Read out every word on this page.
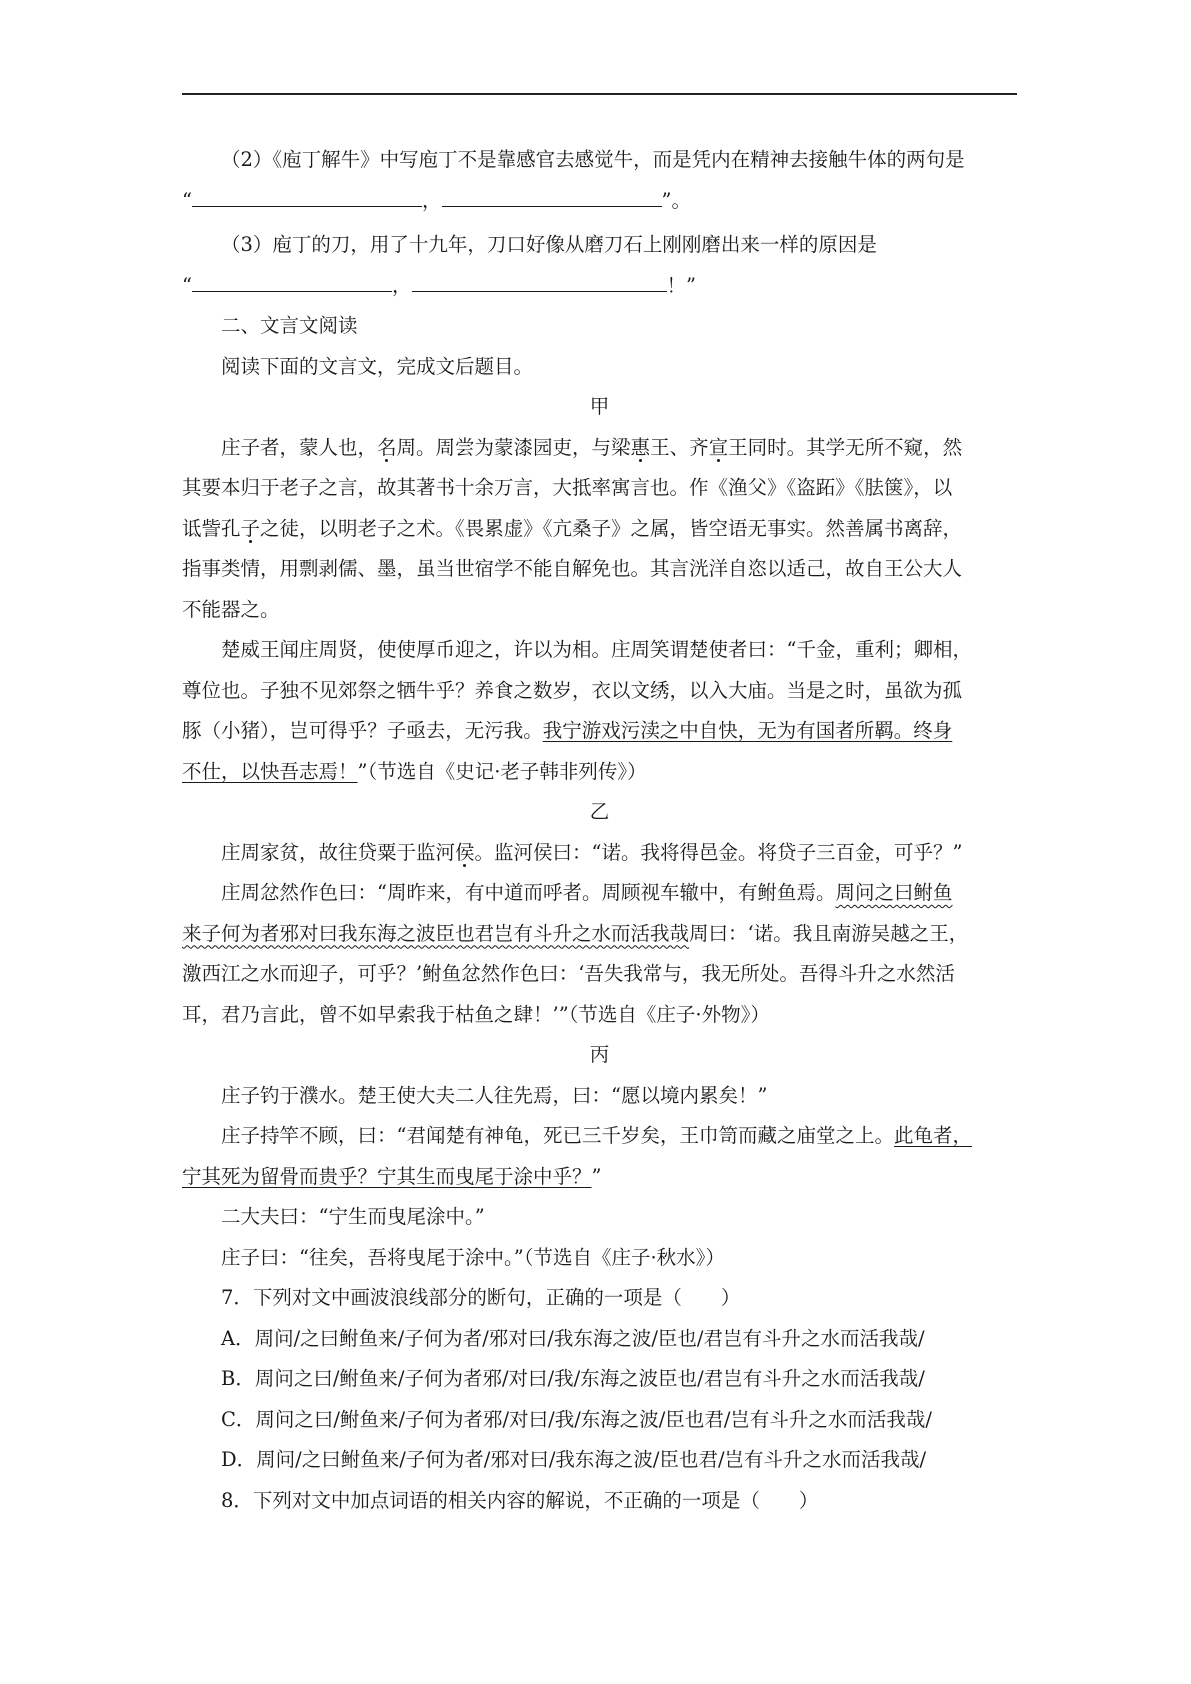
（2）《庖丁解牛》中写庖丁不是靠感官去感觉牛，而是凭内在精神去接触牛体的两句是
“	，	”。
（3）庖丁的刀，用了十九年，刀口好像从磨刀石上刚刚磨出来一样的原因是
“	，	！”
二、文言文阅读
阅读下面的文言文，完成文后题目。
甲
庄子者，蒙人也，名周。周尝为蒙漆园吏，与梁惠王、齐宣王同时。其学无所不窥，然
其要本归于老子之言，故其著书十余万言，大抵率寓言也。作《渔父》《盗跖》《胠箧》，以
诋訾孔子之徒，以明老子之术。《畏累虚》《亢桑子》之属，皆空语无事实。然善属书离辞，
指事类情，用剽剥儒、墨，虽当世宿学不能自解免也。其言洸洋自恣以适己，故自王公大人
不能器之。
楚威王闻庄周贤，使使厚币迎之，许以为相。庄周笑谓楚使者曰：“千金，重利；卿相，
尊位也。子独不见郊祭之牺牛乎？养食之数岁，衣以文绣，以入大庙。当是之时，虽欲为孤
豚（小猪），岂可得乎？子亟去，无污我。我宁游戏污渎之中自快，无为有国者所羁。终身
不仕，以快吾志焉！”（节选自《史记·老子韩非列传》）
乙
庄周家贫，故往贷粟于监河侯。监河侯曰：“诺。我将得邑金。将贷子三百金，可乎？”
庄周忿然作色曰：“周昨来，有中道而呼者。周顾视车辙中，有鲋鱼焉。周问之曰鲋鱼
来子何为者邪对曰我东海之波臣也君岂有斗升之水而活我哉周曰：‘诺。我且南游吴越之王，
激西江之水而迎子，可乎？’鲋鱼忿然作色曰：‘吾失我常与，我无所处。吾得斗升之水然活
耳，君乃言此，曾不如早索我于枯鱼之肆！’”（节选自《庄子·外物》）
丙
庄子钓于濮水。楚王使大夫二人往先焉，曰：“愿以境内累矣！”
庄子持竿不顾，曰：“君闻楚有神龟，死已三千岁矣，王巾笥而藏之庙堂之上。此龟者，
宁其死为留骨而贵乎？宁其生而曳尾于涂中乎？”
二大夫曰：“宁生而曳尾涂中。”
庄子曰：“往矣，吾将曳尾于涂中。”（节选自《庄子·秋水》）
7．下列对文中画波浪线部分的断句，正确的一项是（　　）
A．周问/之曰鲋鱼来/子何为者/邪对曰/我东海之波/臣也/君岂有斗升之水而活我哉/
B．周问之曰/鲋鱼来/子何为者邪/对曰/我/东海之波臣也/君岂有斗升之水而活我哉/
C．周问之曰/鲋鱼来/子何为者邪/对曰/我/东海之波/臣也君/岂有斗升之水而活我哉/
D．周问/之曰鲋鱼来/子何为者/邪对曰/我东海之波/臣也君/岂有斗升之水而活我哉/
8．下列对文中加点词语的相关内容的解说，不正确的一项是（　　）
